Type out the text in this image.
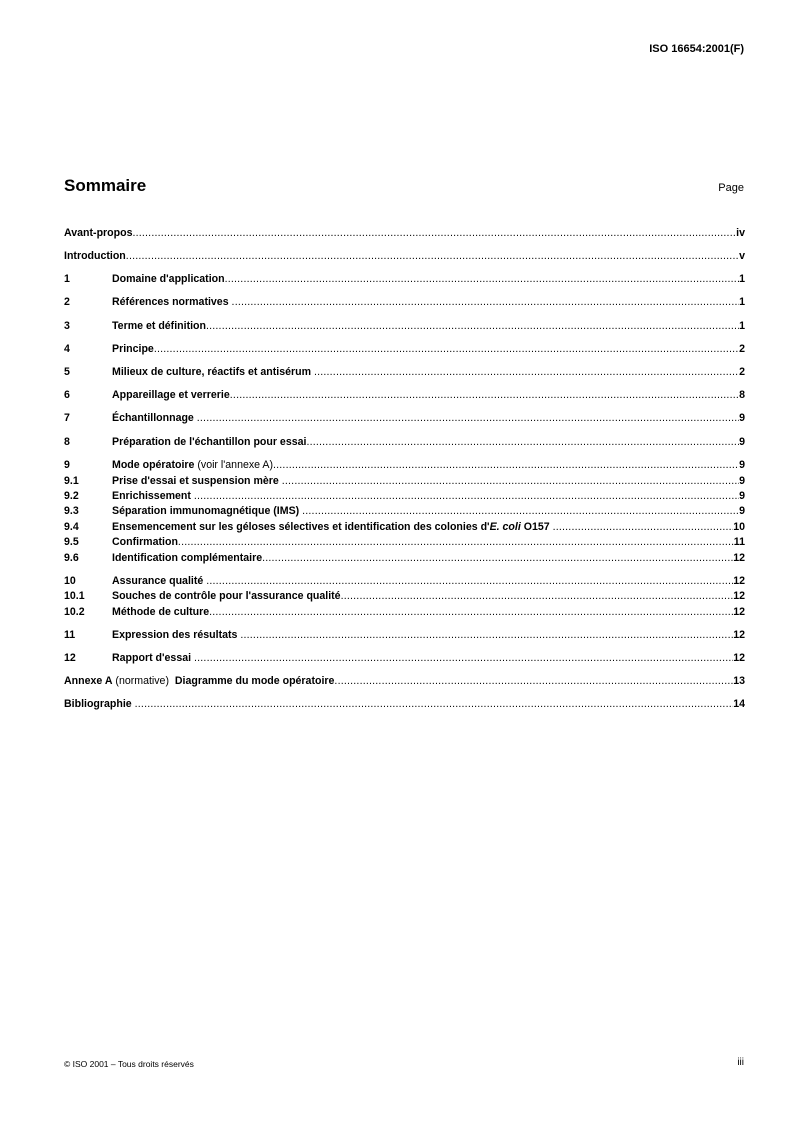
ISO 16654:2001(F)
Sommaire	Page
Avant-propos .....	iv
Introduction .....	v
1	Domaine d'application .....	1
2	Références normatives .....	1
3	Terme et définition .....	1
4	Principe .....	2
5	Milieux de culture, réactifs et antisérum .....	2
6	Appareillage et verrerie .....	8
7	Échantillonnage .....	9
8	Préparation de l'échantillon pour essai .....	9
9	Mode opératoire (voir l'annexe A) .....	9
9.1	Prise d'essai et suspension mère .....	9
9.2	Enrichissement .....	9
9.3	Séparation immunomagnétique (IMS) .....	9
9.4	Ensemencement sur les géloses sélectives et identification des colonies d' E. coli O157 .....	10
9.5	Confirmation .....	11
9.6	Identification complémentaire .....	12
10	Assurance qualité .....	12
10.1	Souches de contrôle pour l'assurance qualité .....	12
10.2	Méthode de culture .....	12
11	Expression des résultats .....	12
12	Rapport d'essai .....	12
Annexe A (normative) Diagramme du mode opératoire .....	13
Bibliographie .....	14
© ISO 2001 – Tous droits réservés	iii
